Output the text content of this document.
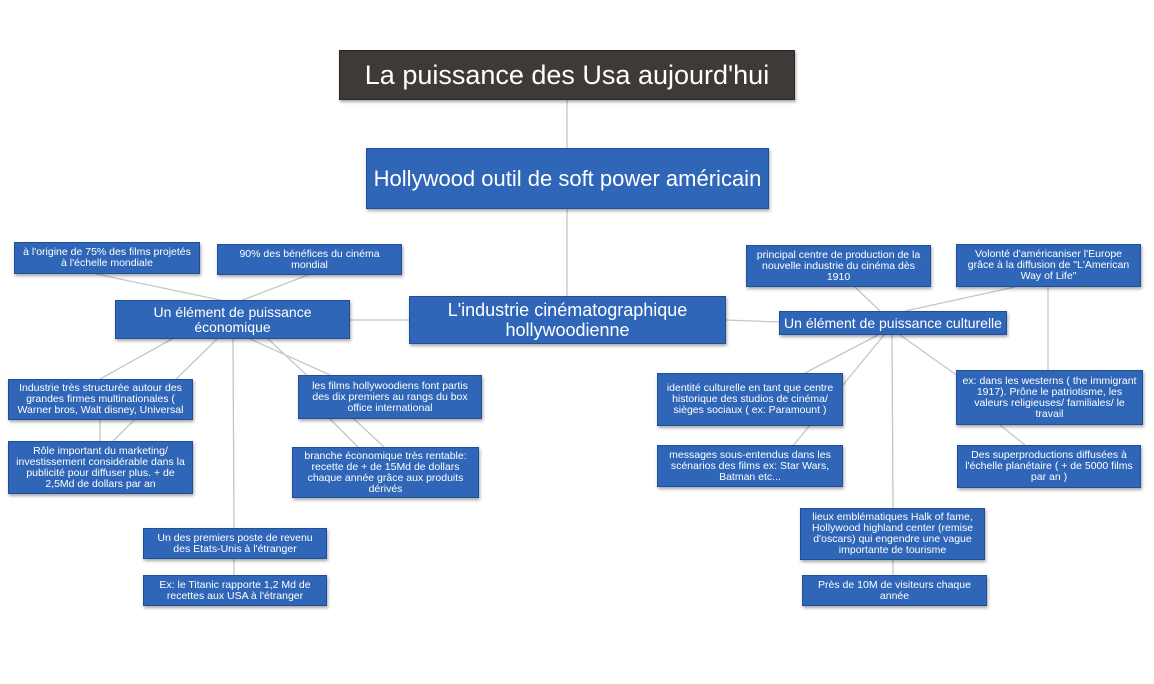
La puissance des Usa aujourd'hui
Hollywood outil de soft power américain
L'industrie cinématographique hollywoodienne
Un élément de puissance économique
à l'origine de 75% des films projetés à l'échelle mondiale
90% des bénéfices du cinéma mondial
Industrie très structurée autour des grandes firmes multinationales ( Warner bros, Walt disney, Universal
les films hollywoodiens font partis des dix premiers au rangs du box office international
Rôle important du marketing/ investissement considérable dans la publicité pour diffuser plus. + de 2,5Md de dollars par an
branche économique très rentable: recette de + de 15Md de dollars chaque année grâce aux produits dérivés
Un des premiers poste de revenu des Etats-Unis à l'étranger
Ex: le Titanic rapporte 1,2 Md de recettes aux USA à l'étranger
Un élément de puissance culturelle
principal centre de production de la nouvelle industrie du cinéma dès 1910
Volonté d'américaniser l'Europe grâce à la diffusion de "L'American Way of Life"
identité culturelle en tant que centre historique des studios de cinéma/ sièges sociaux ( ex: Paramount )
ex: dans les westerns ( the immigrant 1917). Prône le patriotisme, les valeurs religieuses/ familiales/ le travail
messages sous-entendus dans les scénarios des films ex: Star Wars, Batman etc...
Des superproductions diffusées à l'échelle planétaire ( + de 5000 films par an )
lieux emblématiques Halk of fame, Hollywood highland center (remise d'oscars) qui engendre une vague importante de tourisme
Près de 10M de visiteurs chaque année
